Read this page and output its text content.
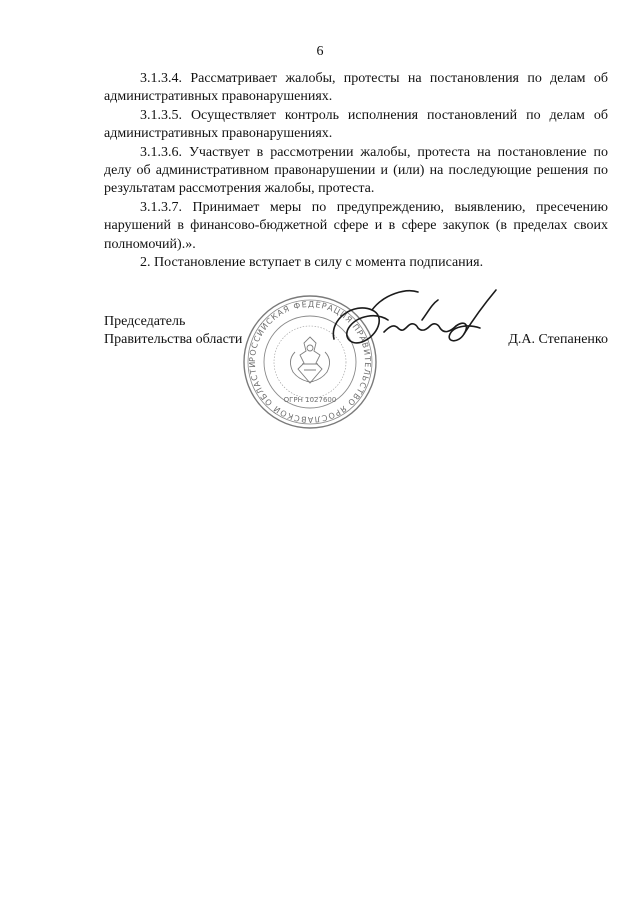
6

3.1.3.4. Рассматривает жалобы, протесты на постановления по делам об административных правонарушениях.

3.1.3.5. Осуществляет контроль исполнения постановлений по делам об административных правонарушениях.

3.1.3.6. Участвует в рассмотрении жалобы, протеста на постановление по делу об административном правонарушении и (или) на последующие решения по результатам рассмотрения жалобы, протеста.

3.1.3.7. Принимает меры по предупреждению, выявлению, пресечению нарушений в финансово-бюджетной сфере и в сфере закупок (в пределах своих полномочий).».

2. Постановление вступает в силу с момента подписания.

Председатель
Правительства области	Д.А. Степаненко
РОССИЙСКАЯ ФЕДЕРАЦИЯ ПРАВИТЕЛЬСТВО ЯРОСЛАВСКОЙ ОБЛАСТИ
ОГРН 1027600
